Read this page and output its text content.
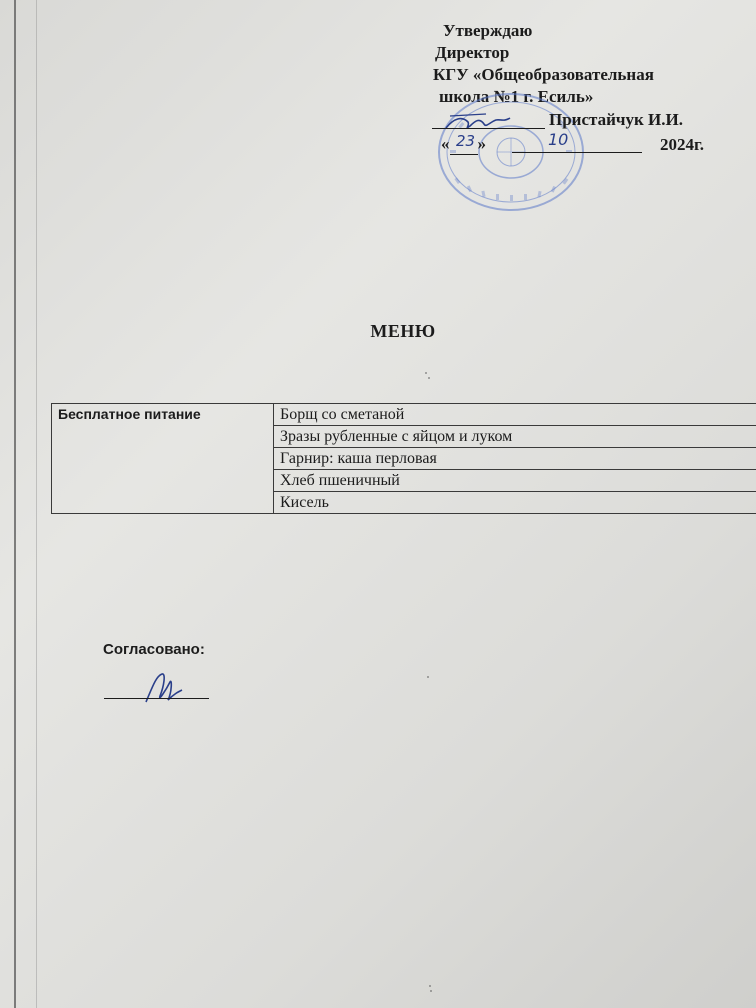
Утверждаю
Директор
КГУ «Общеобразовательная
школа №1 г. Есиль»
Пристайчук И.И.
« »
23	10	2024г.
МЕНЮ
Бесплатное питание	Борщ со сметаной
Зразы рубленные с яйцом и луком
Гарнир: каша перловая
Хлеб пшеничный
Кисель
Согласовано:
